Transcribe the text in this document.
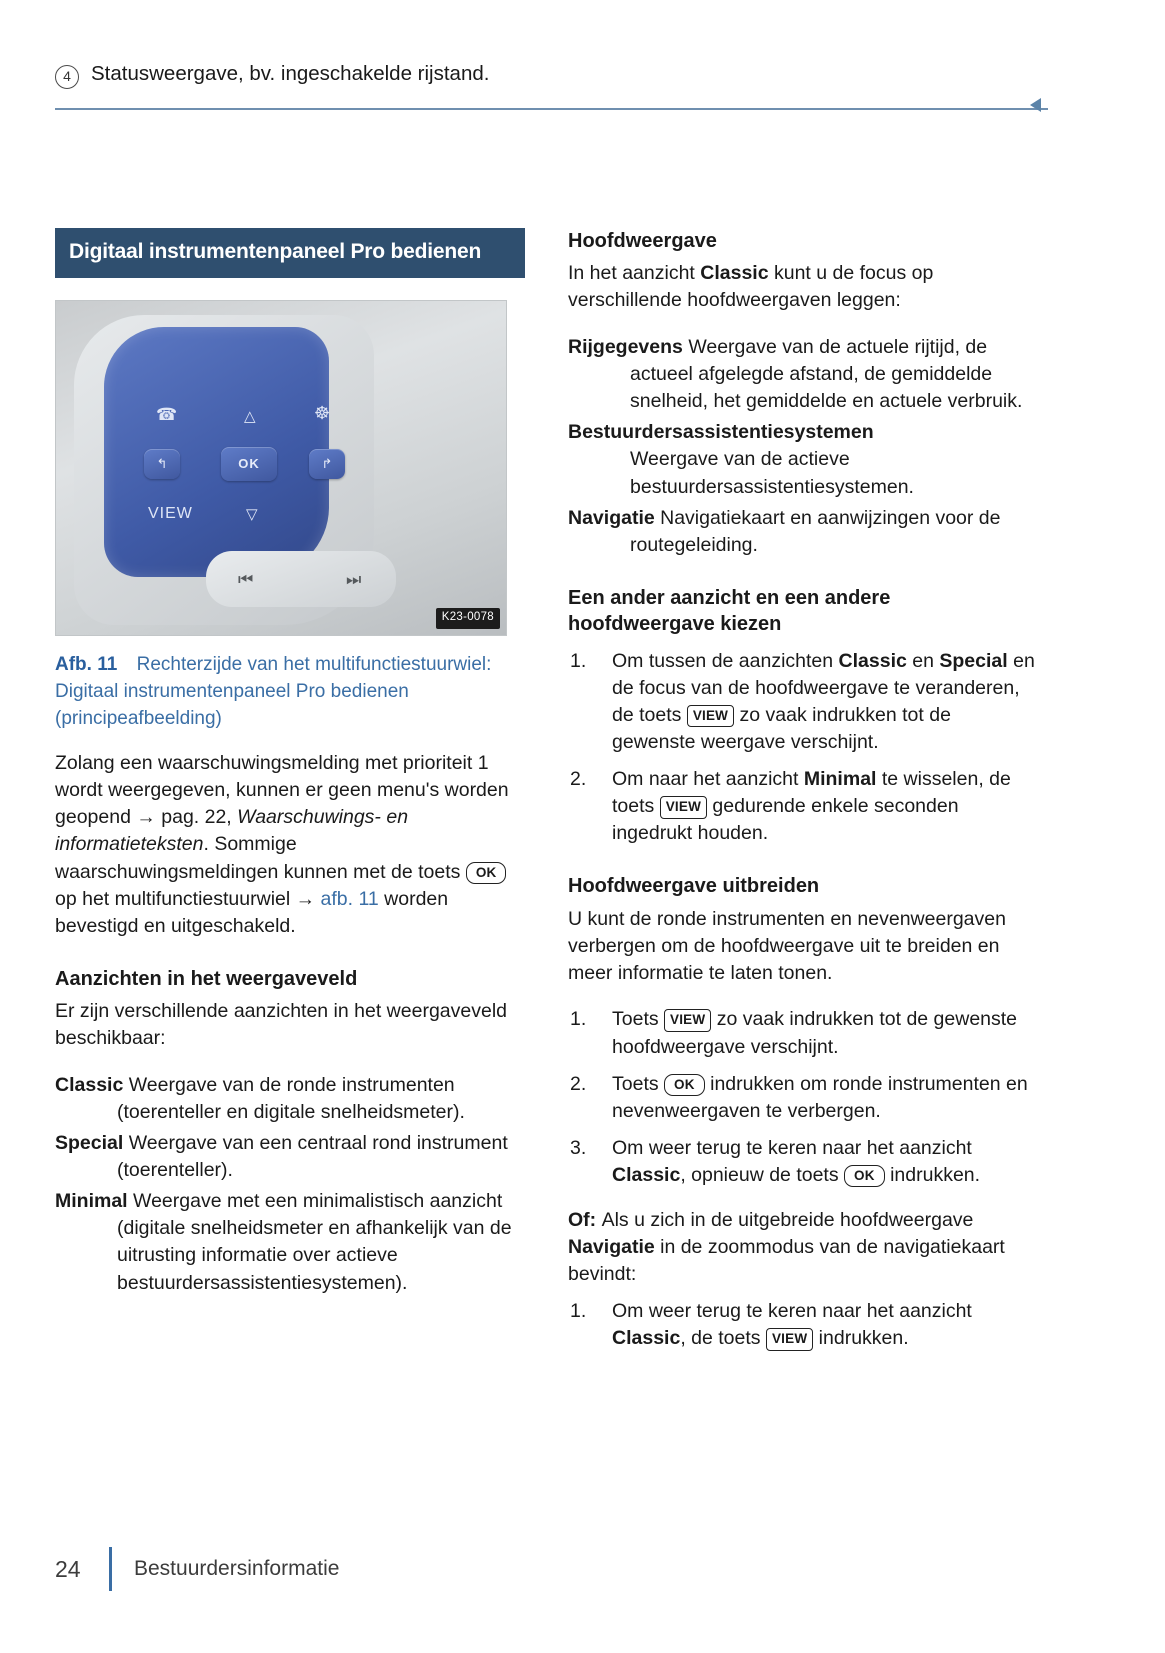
4 Statusweergave, bv. ingeschakelde rijstand.
Digitaal instrumentenpaneel Pro bedienen
☎	△	☸
↰	OK	↱
VIEW	▽
⏮	⏭
K23-0078
Afb. 11 Rechterzijde van het multifunctiestuurwiel: Digitaal instrumentenpaneel Pro bedienen (principeafbeelding)

Zolang een waarschuwingsmelding met prioriteit 1 wordt weergegeven, kunnen er geen menu's worden geopend → pag. 22, Waarschuwings- en informatieteksten. Sommige waarschuwingsmeldingen kunnen met de toets OK op het multifunctiestuurwiel → afb. 11 worden bevestigd en uitgeschakeld.

Aanzichten in het weergaveveld

Er zijn verschillende aanzichten in het weergaveveld beschikbaar:

Classic Weergave van de ronde instrumenten (toerenteller en digitale snelheidsmeter).
Special Weergave van een centraal rond instrument (toerenteller).
Minimal Weergave met een minimalistisch aanzicht (digitale snelheidsmeter en afhankelijk van de uitrusting informatie over actieve bestuurdersassistentiesystemen).
Hoofdweergave

In het aanzicht Classic kunt u de focus op verschillende hoofdweergaven leggen:

Rijgegevens Weergave van de actuele rijtijd, de actueel afgelegde afstand, de gemiddelde snelheid, het gemiddelde en actuele verbruik.
Bestuurdersassistentiesystemen
Weergave van de actieve bestuurdersassistentiesystemen.
Navigatie Navigatiekaart en aanwijzingen voor de routegeleiding.
Een ander aanzicht en een andere hoofdweergave kiezen
1.	Om tussen de aanzichten Classic en Special en de focus van de hoofdweergave te veranderen, de toets VIEW zo vaak indrukken tot de gewenste weergave verschijnt.
2.	Om naar het aanzicht Minimal te wisselen, de toets VIEW gedurende enkele seconden ingedrukt houden.
Hoofdweergave uitbreiden

U kunt de ronde instrumenten en nevenweergaven verbergen om de hoofdweergave uit te breiden en meer informatie te laten tonen.

1.	Toets VIEW zo vaak indrukken tot de gewenste hoofdweergave verschijnt.
2.	Toets OK indrukken om ronde instrumenten en nevenweergaven te verbergen.
3.	Om weer terug te keren naar het aanzicht Classic, opnieuw de toets OK indrukken.

Of: Als u zich in de uitgebreide hoofdweergave Navigatie in de zoommodus van de navigatiekaart bevindt:

1.	Om weer terug te keren naar het aanzicht Classic, de toets VIEW indrukken.
24	Bestuurdersinformatie
